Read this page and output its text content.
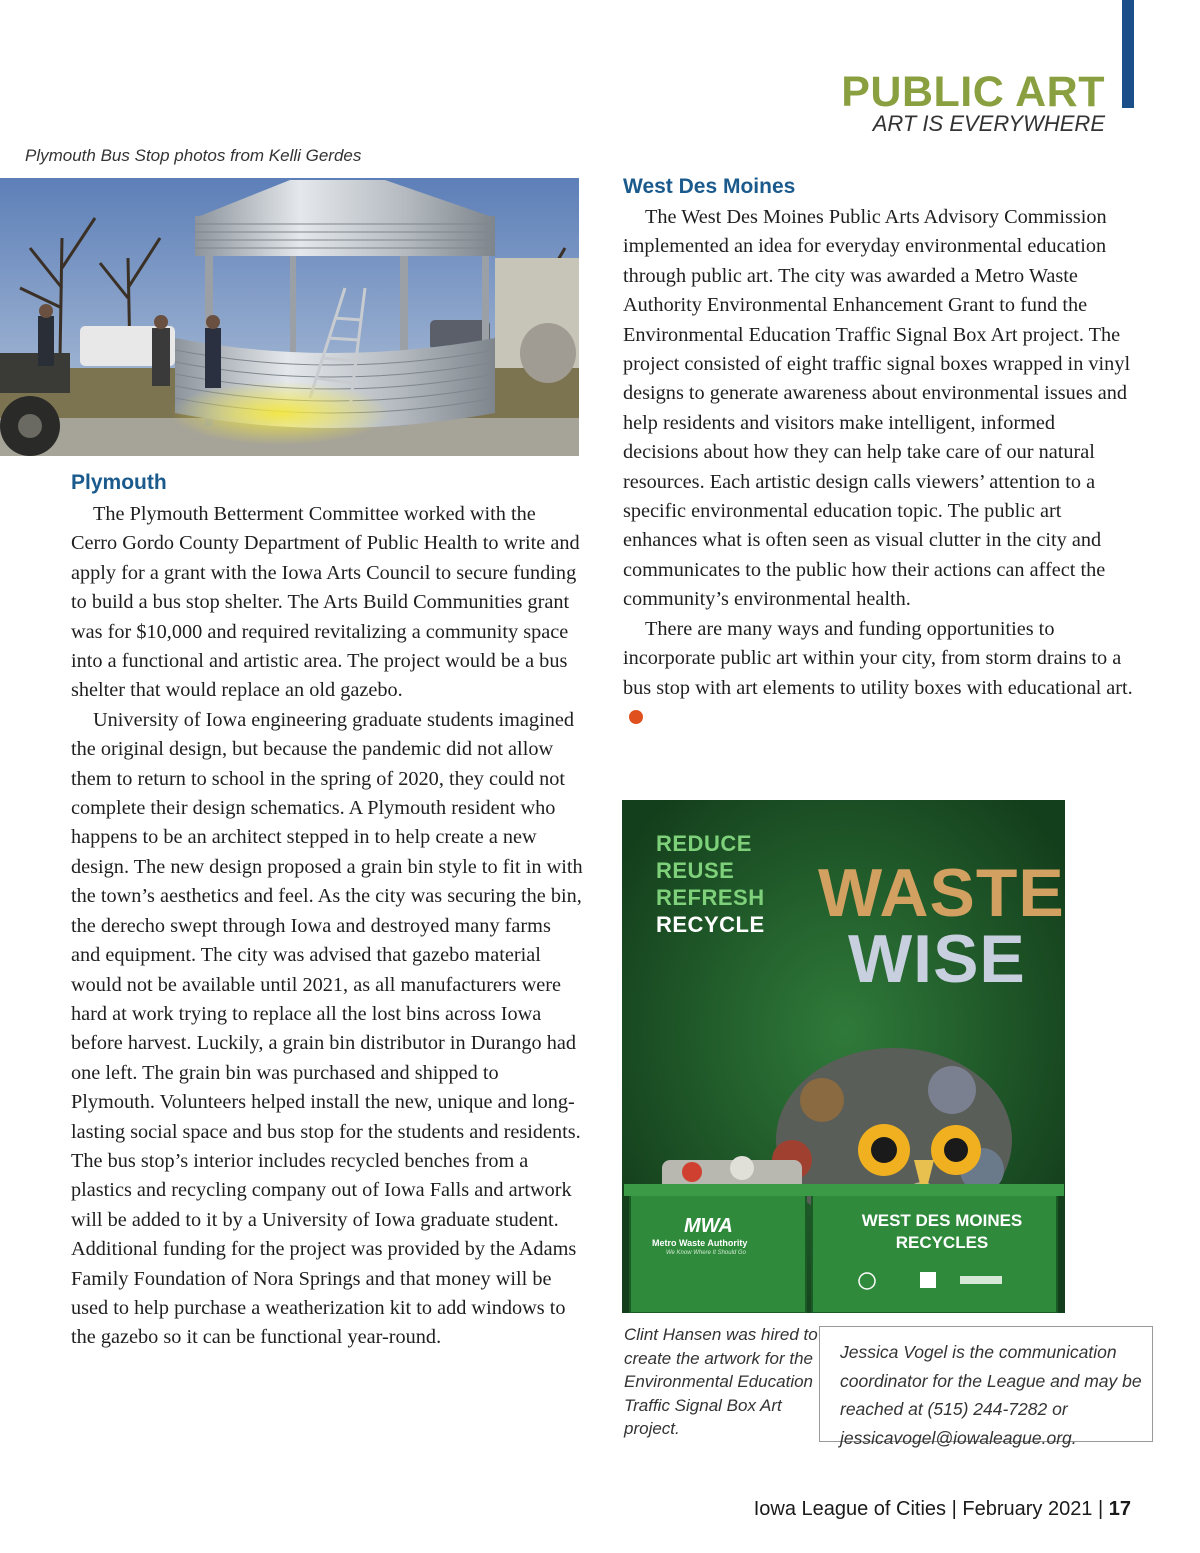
PUBLIC ART
ART IS EVERYWHERE
Plymouth Bus Stop photos from Kelli Gerdes
Plymouth

The Plymouth Betterment Committee worked with the Cerro Gordo County Department of Public Health to write and apply for a grant with the Iowa Arts Council to secure funding to build a bus stop shelter. The Arts Build Communities grant was for $10,000 and required revitalizing a community space into a functional and artistic area. The project would be a bus shelter that would replace an old gazebo.

University of Iowa engineering graduate students imagined the original design, but because the pandemic did not allow them to return to school in the spring of 2020, they could not complete their design schematics. A Plymouth resident who happens to be an architect stepped in to help create a new design. The new design proposed a grain bin style to fit in with the town’s aesthetics and feel. As the city was securing the bin, the derecho swept through Iowa and destroyed many farms and equipment. The city was advised that gazebo material would not be available until 2021, as all manufacturers were hard at work trying to replace all the lost bins across Iowa before harvest. Luckily, a grain bin distributor in Durango had one left. The grain bin was purchased and shipped to Plymouth. Volunteers helped install the new, unique and long-lasting social space and bus stop for the students and residents. The bus stop’s interior includes recycled benches from a plastics and recycling company out of Iowa Falls and artwork will be added to it by a University of Iowa graduate student. Additional funding for the project was provided by the Adams Family Foundation of Nora Springs and that money will be used to help purchase a weatherization kit to add windows to the gazebo so it can be functional year-round.

West Des Moines

The West Des Moines Public Arts Advisory Commission implemented an idea for everyday environmental education through public art. The city was awarded a Metro Waste Authority Environmental Enhancement Grant to fund the Environmental Education Traffic Signal Box Art project. The project consisted of eight traffic signal boxes wrapped in vinyl designs to generate awareness about environmental issues and help residents and visitors make intelligent, informed decisions about how they can help take care of our natural resources. Each artistic design calls viewers’ attention to a specific environmental education topic. The public art enhances what is often seen as visual clutter in the city and communicates to the public how their actions can affect the community’s environmental health.

There are many ways and funding opportunities to incorporate public art within your city, from storm drains to a bus stop with art elements to utility boxes with educational art.

MWA
REDUCE
REUSE
REFRESH
RECYCLE WASTE
WISE
WEST DES MOINES
RECYCLES
Metro Waste Authority
We Know Where It Should Go
Clint Hansen was hired to create the artwork for the Environmental Education Traffic Signal Box Art project.
Jessica Vogel is the communication coordinator for the League and may be reached at (515) 244-7282 or jessicavogel@iowaleague.org.
Iowa League of Cities | February 2021 | 17
